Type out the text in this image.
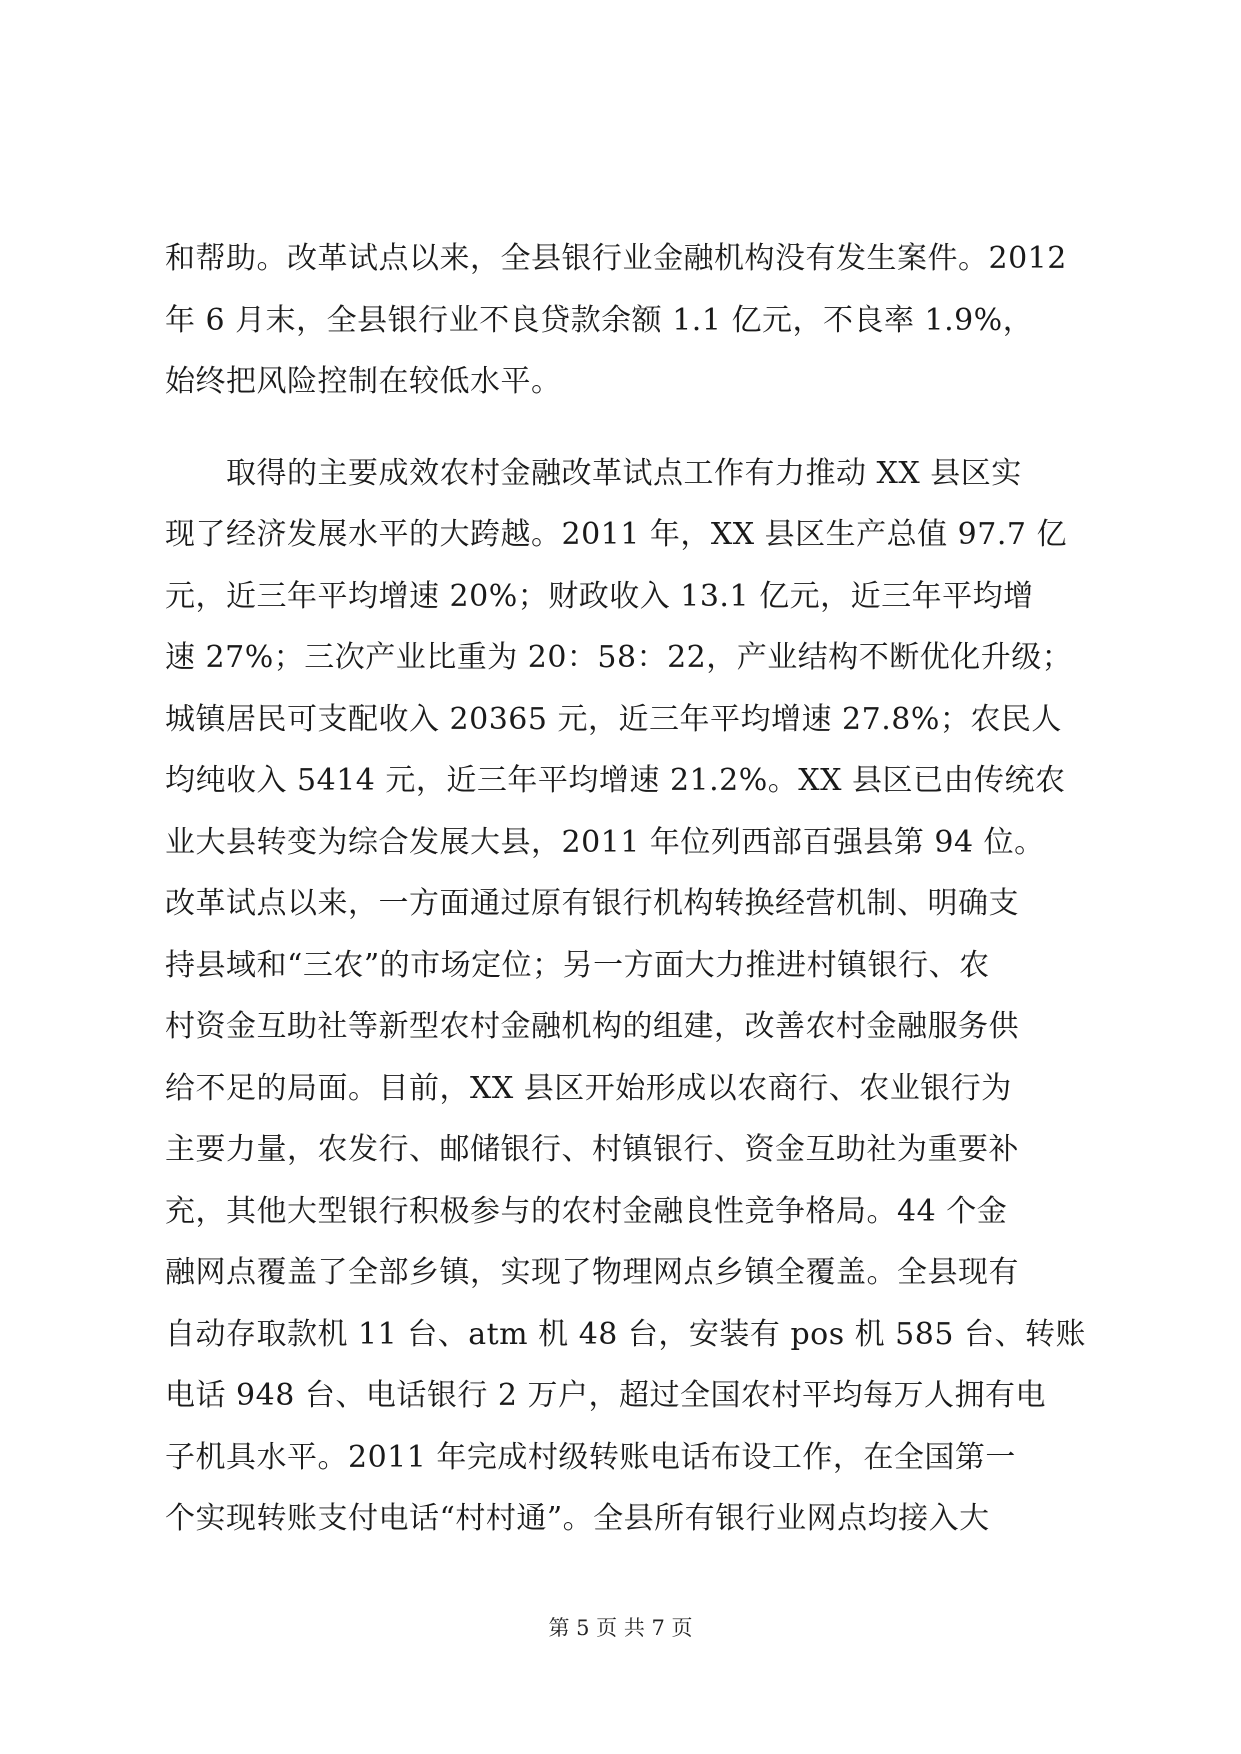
和帮助。改革试点以来，全县银行业金融机构没有发生案件。2012
年 6 月末，全县银行业不良贷款余额 1.1 亿元，不良率 1.9%，
始终把风险控制在较低水平。
　　取得的主要成效农村金融改革试点工作有力推动 XX 县区实
现了经济发展水平的大跨越。2011 年，XX 县区生产总值 97.7 亿
元，近三年平均增速 20%；财政收入 13.1 亿元，近三年平均增
速 27%；三次产业比重为 20：58：22，产业结构不断优化升级；
城镇居民可支配收入 20365 元，近三年平均增速 27.8%；农民人
均纯收入 5414 元，近三年平均增速 21.2%。XX 县区已由传统农
业大县转变为综合发展大县，2011 年位列西部百强县第 94 位。
改革试点以来，一方面通过原有银行机构转换经营机制、明确支
持县域和“三农”的市场定位；另一方面大力推进村镇银行、农
村资金互助社等新型农村金融机构的组建，改善农村金融服务供
给不足的局面。目前，XX 县区开始形成以农商行、农业银行为
主要力量，农发行、邮储银行、村镇银行、资金互助社为重要补
充，其他大型银行积极参与的农村金融良性竞争格局。44 个金
融网点覆盖了全部乡镇，实现了物理网点乡镇全覆盖。全县现有
自动存取款机 11 台、atm 机 48 台，安装有 pos 机 585 台、转账
电话 948 台、电话银行 2 万户，超过全国农村平均每万人拥有电
子机具水平。2011 年完成村级转账电话布设工作，在全国第一
个实现转账支付电话“村村通”。全县所有银行业网点均接入大
第 5 页 共 7 页
